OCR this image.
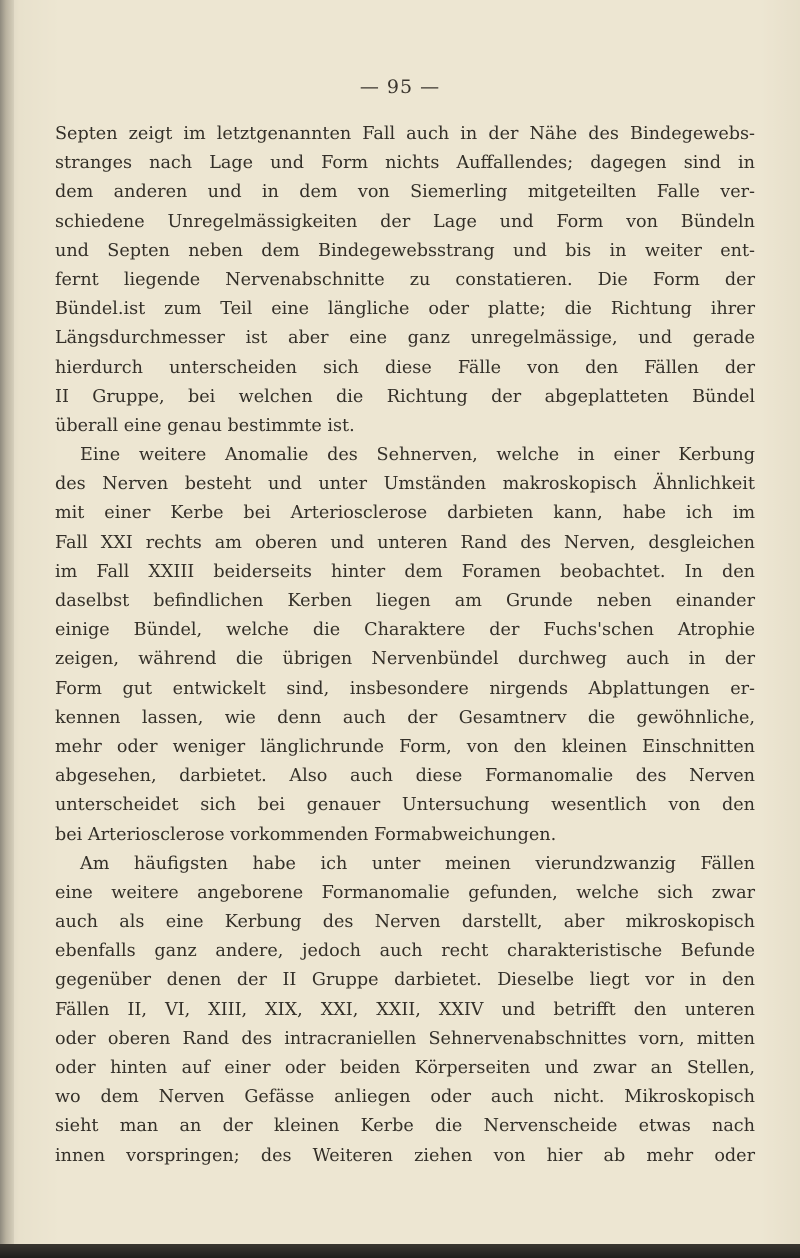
— 95 —
Septen zeigt im letztgenannten Fall auch in der Nähe des Bindegewebs-
stranges nach Lage und Form nichts Auffallendes; dagegen sind in
dem anderen und in dem von Siemerling mitgeteilten Falle ver-
schiedene Unregelmässigkeiten der Lage und Form von Bündeln
und Septen neben dem Bindegewebsstrang und bis in weiter ent-
fernt liegende Nervenabschnitte zu constatieren. Die Form der
Bündel.ist zum Teil eine längliche oder platte; die Richtung ihrer
Längsdurchmesser ist aber eine ganz unregelmässige, und gerade
hierdurch unterscheiden sich diese Fälle von den Fällen der
II Gruppe, bei welchen die Richtung der abgeplatteten Bündel
überall eine genau bestimmte ist.
Eine weitere Anomalie des Sehnerven, welche in einer Kerbung
des Nerven besteht und unter Umständen makroskopisch Ähnlichkeit
mit einer Kerbe bei Arteriosclerose darbieten kann, habe ich im
Fall XXI rechts am oberen und unteren Rand des Nerven, desgleichen
im Fall XXIII beiderseits hinter dem Foramen beobachtet. In den
daselbst befindlichen Kerben liegen am Grunde neben einander
einige Bündel, welche die Charaktere der Fuchs'schen Atrophie
zeigen, während die übrigen Nervenbündel durchweg auch in der
Form gut entwickelt sind, insbesondere nirgends Abplattungen er-
kennen lassen, wie denn auch der Gesamtnerv die gewöhnliche,
mehr oder weniger länglichrunde Form, von den kleinen Einschnitten
abgesehen, darbietet. Also auch diese Formanomalie des Nerven
unterscheidet sich bei genauer Untersuchung wesentlich von den
bei Arteriosclerose vorkommenden Formabweichungen.
Am häufigsten habe ich unter meinen vierundzwanzig Fällen
eine weitere angeborene Formanomalie gefunden, welche sich zwar
auch als eine Kerbung des Nerven darstellt, aber mikroskopisch
ebenfalls ganz andere, jedoch auch recht charakteristische Befunde
gegenüber denen der II Gruppe darbietet. Dieselbe liegt vor in den
Fällen II, VI, XIII, XIX, XXI, XXII, XXIV und betrifft den unteren
oder oberen Rand des intracraniellen Sehnervenabschnittes vorn, mitten
oder hinten auf einer oder beiden Körperseiten und zwar an Stellen,
wo dem Nerven Gefässe anliegen oder auch nicht. Mikroskopisch
sieht man an der kleinen Kerbe die Nervenscheide etwas nach
innen vorspringen; des Weiteren ziehen von hier ab mehr oder
